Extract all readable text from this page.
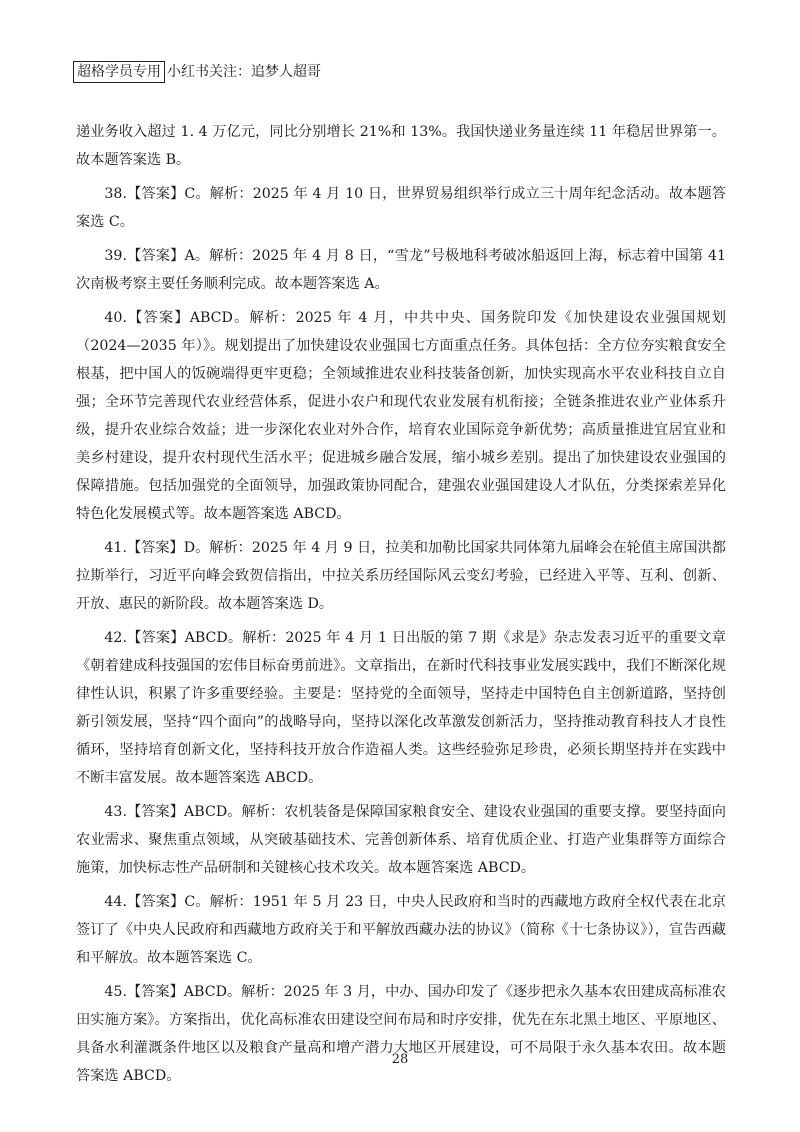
超格学员专用 小红书关注：追梦人超哥

递业务收入超过 1. 4 万亿元，同比分别增长 21%和 13%。我国快递业务量连续 11 年稳居世界第一。故本题答案选 B。

38.【答案】C。解析：2025 年 4 月 10 日，世界贸易组织举行成立三十周年纪念活动。故本题答案选 C。

39.【答案】A。解析：2025 年 4 月 8 日，“雪龙”号极地科考破冰船返回上海，标志着中国第 41 次南极考察主要任务顺利完成。故本题答案选 A。

40.【答案】ABCD。解析：2025 年 4 月，中共中央、国务院印发《加快建设农业强国规划（2024—2035 年）》。规划提出了加快建设农业强国七方面重点任务。具体包括：全方位夯实粮食安全根基，把中国人的饭碗端得更牢更稳；全领域推进农业科技装备创新，加快实现高水平农业科技自立自强；全环节完善现代农业经营体系，促进小农户和现代农业发展有机衔接；全链条推进农业产业体系升级，提升农业综合效益；进一步深化农业对外合作，培育农业国际竞争新优势；高质量推进宜居宜业和美乡村建设，提升农村现代生活水平；促进城乡融合发展，缩小城乡差别。提出了加快建设农业强国的保障措施。包括加强党的全面领导，加强政策协同配合，建强农业强国建设人才队伍，分类探索差异化特色化发展模式等。故本题答案选 ABCD。

41.【答案】D。解析：2025 年 4 月 9 日，拉美和加勒比国家共同体第九届峰会在轮值主席国洪都拉斯举行，习近平向峰会致贺信指出，中拉关系历经国际风云变幻考验，已经进入平等、互利、创新、开放、惠民的新阶段。故本题答案选 D。

42.【答案】ABCD。解析：2025 年 4 月 1 日出版的第 7 期《求是》杂志发表习近平的重要文章《朝着建成科技强国的宏伟目标奋勇前进》。文章指出，在新时代科技事业发展实践中，我们不断深化规律性认识，积累了许多重要经验。主要是：坚持党的全面领导，坚持走中国特色自主创新道路，坚持创新引领发展，坚持“四个面向”的战略导向，坚持以深化改革激发创新活力，坚持推动教育科技人才良性循环，坚持培育创新文化，坚持科技开放合作造福人类。这些经验弥足珍贵，必须长期坚持并在实践中不断丰富发展。故本题答案选 ABCD。

43.【答案】ABCD。解析：农机装备是保障国家粮食安全、建设农业强国的重要支撑。要坚持面向农业需求、聚焦重点领域，从突破基础技术、完善创新体系、培育优质企业、打造产业集群等方面综合施策，加快标志性产品研制和关键核心技术攻关。故本题答案选 ABCD。

44.【答案】C。解析：1951 年 5 月 23 日，中央人民政府和当时的西藏地方政府全权代表在北京签订了《中央人民政府和西藏地方政府关于和平解放西藏办法的协议》（简称《十七条协议》），宣告西藏和平解放。故本题答案选 C。

45.【答案】ABCD。解析：2025 年 3 月，中办、国办印发了《逐步把永久基本农田建成高标准农田实施方案》。方案指出，优化高标准农田建设空间布局和时序安排，优先在东北黑土地区、平原地区、具备水利灌溉条件地区以及粮食产量高和增产潜力大地区开展建设，可不局限于永久基本农田。故本题答案选 ABCD。

28
